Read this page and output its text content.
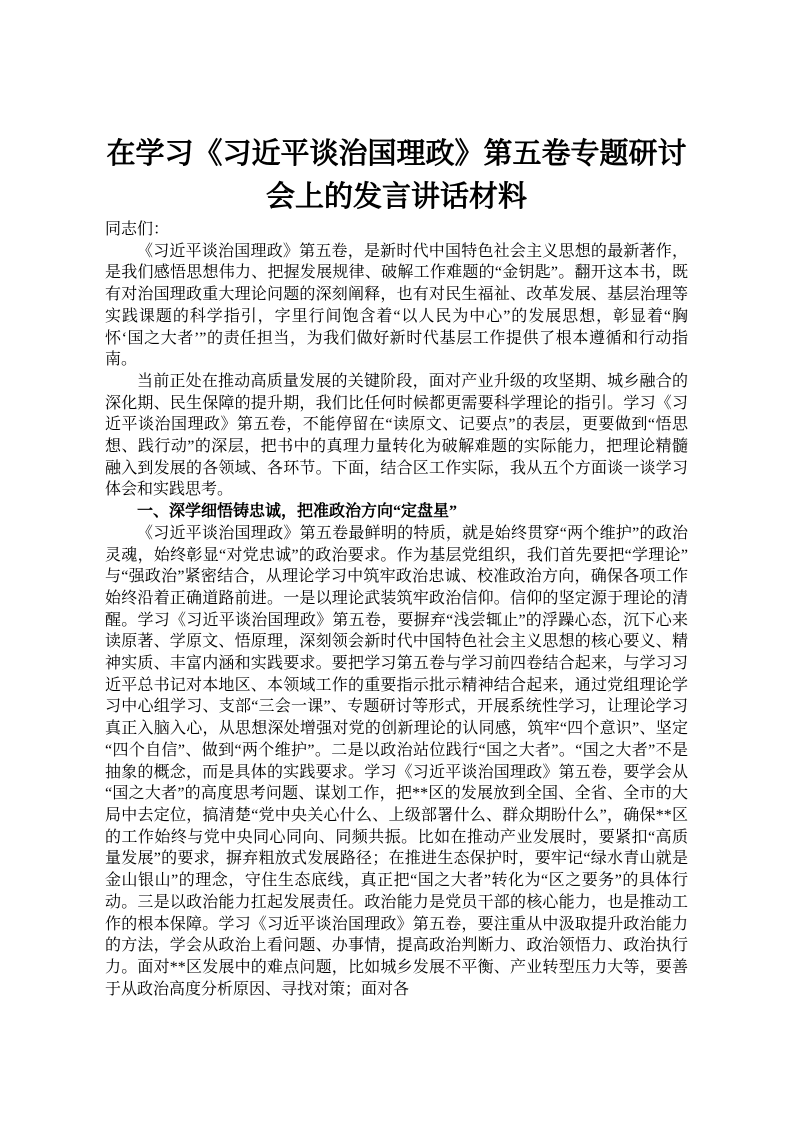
在学习《习近平谈治国理政》第五卷专题研讨会上的发言讲话材料

同志们：

《习近平谈治国理政》第五卷，是新时代中国特色社会主义思想的最新著作，是我们感悟思想伟力、把握发展规律、破解工作难题的“金钥匙”。翻开这本书，既有对治国理政重大理论问题的深刻阐释，也有对民生福祉、改革发展、基层治理等实践课题的科学指引，字里行间饱含着“以人民为中心”的发展思想，彰显着“胸怀‘国之大者’”的责任担当，为我们做好新时代基层工作提供了根本遵循和行动指南。

当前正处在推动高质量发展的关键阶段，面对产业升级的攻坚期、城乡融合的深化期、民生保障的提升期，我们比任何时候都更需要科学理论的指引。学习《习近平谈治国理政》第五卷，不能停留在“读原文、记要点”的表层，更要做到“悟思想、践行动”的深层，把书中的真理力量转化为破解难题的实际能力，把理论精髓融入到发展的各领域、各环节。下面，结合区工作实际，我从五个方面谈一谈学习体会和实践思考。

一、深学细悟铸忠诚，把准政治方向“定盘星”

《习近平谈治国理政》第五卷最鲜明的特质，就是始终贯穿“两个维护”的政治灵魂，始终彰显“对党忠诚”的政治要求。作为基层党组织，我们首先要把“学理论”与“强政治”紧密结合，从理论学习中筑牢政治忠诚、校准政治方向，确保各项工作始终沿着正确道路前进。一是以理论武装筑牢政治信仰。信仰的坚定源于理论的清醒。学习《习近平谈治国理政》第五卷，要摒弃“浅尝辄止”的浮躁心态，沉下心来读原著、学原文、悟原理，深刻领会新时代中国特色社会主义思想的核心要义、精神实质、丰富内涵和实践要求。要把学习第五卷与学习前四卷结合起来，与学习习近平总书记对本地区、本领域工作的重要指示批示精神结合起来，通过党组理论学习中心组学习、支部“三会一课”、专题研讨等形式，开展系统性学习，让理论学习真正入脑入心，从思想深处增强对党的创新理论的认同感，筑牢“四个意识”、坚定“四个自信”、做到“两个维护”。二是以政治站位践行“国之大者”。“国之大者”不是抽象的概念，而是具体的实践要求。学习《习近平谈治国理政》第五卷，要学会从“国之大者”的高度思考问题、谋划工作，把**区的发展放到全国、全省、全市的大局中去定位，搞清楚“党中央关心什么、上级部署什么、群众期盼什么”，确保**区的工作始终与党中央同心同向、同频共振。比如在推动产业发展时，要紧扣“高质量发展”的要求，摒弃粗放式发展路径；在推进生态保护时，要牢记“绿水青山就是金山银山”的理念，守住生态底线，真正把“国之大者”转化为“区之要务”的具体行动。三是以政治能力扛起发展责任。政治能力是党员干部的核心能力，也是推动工作的根本保障。学习《习近平谈治国理政》第五卷，要注重从中汲取提升政治能力的方法，学会从政治上看问题、办事情，提高政治判断力、政治领悟力、政治执行力。面对**区发展中的难点问题，比如城乡发展不平衡、产业转型压力大等，要善于从政治高度分析原因、寻找对策；面对各
